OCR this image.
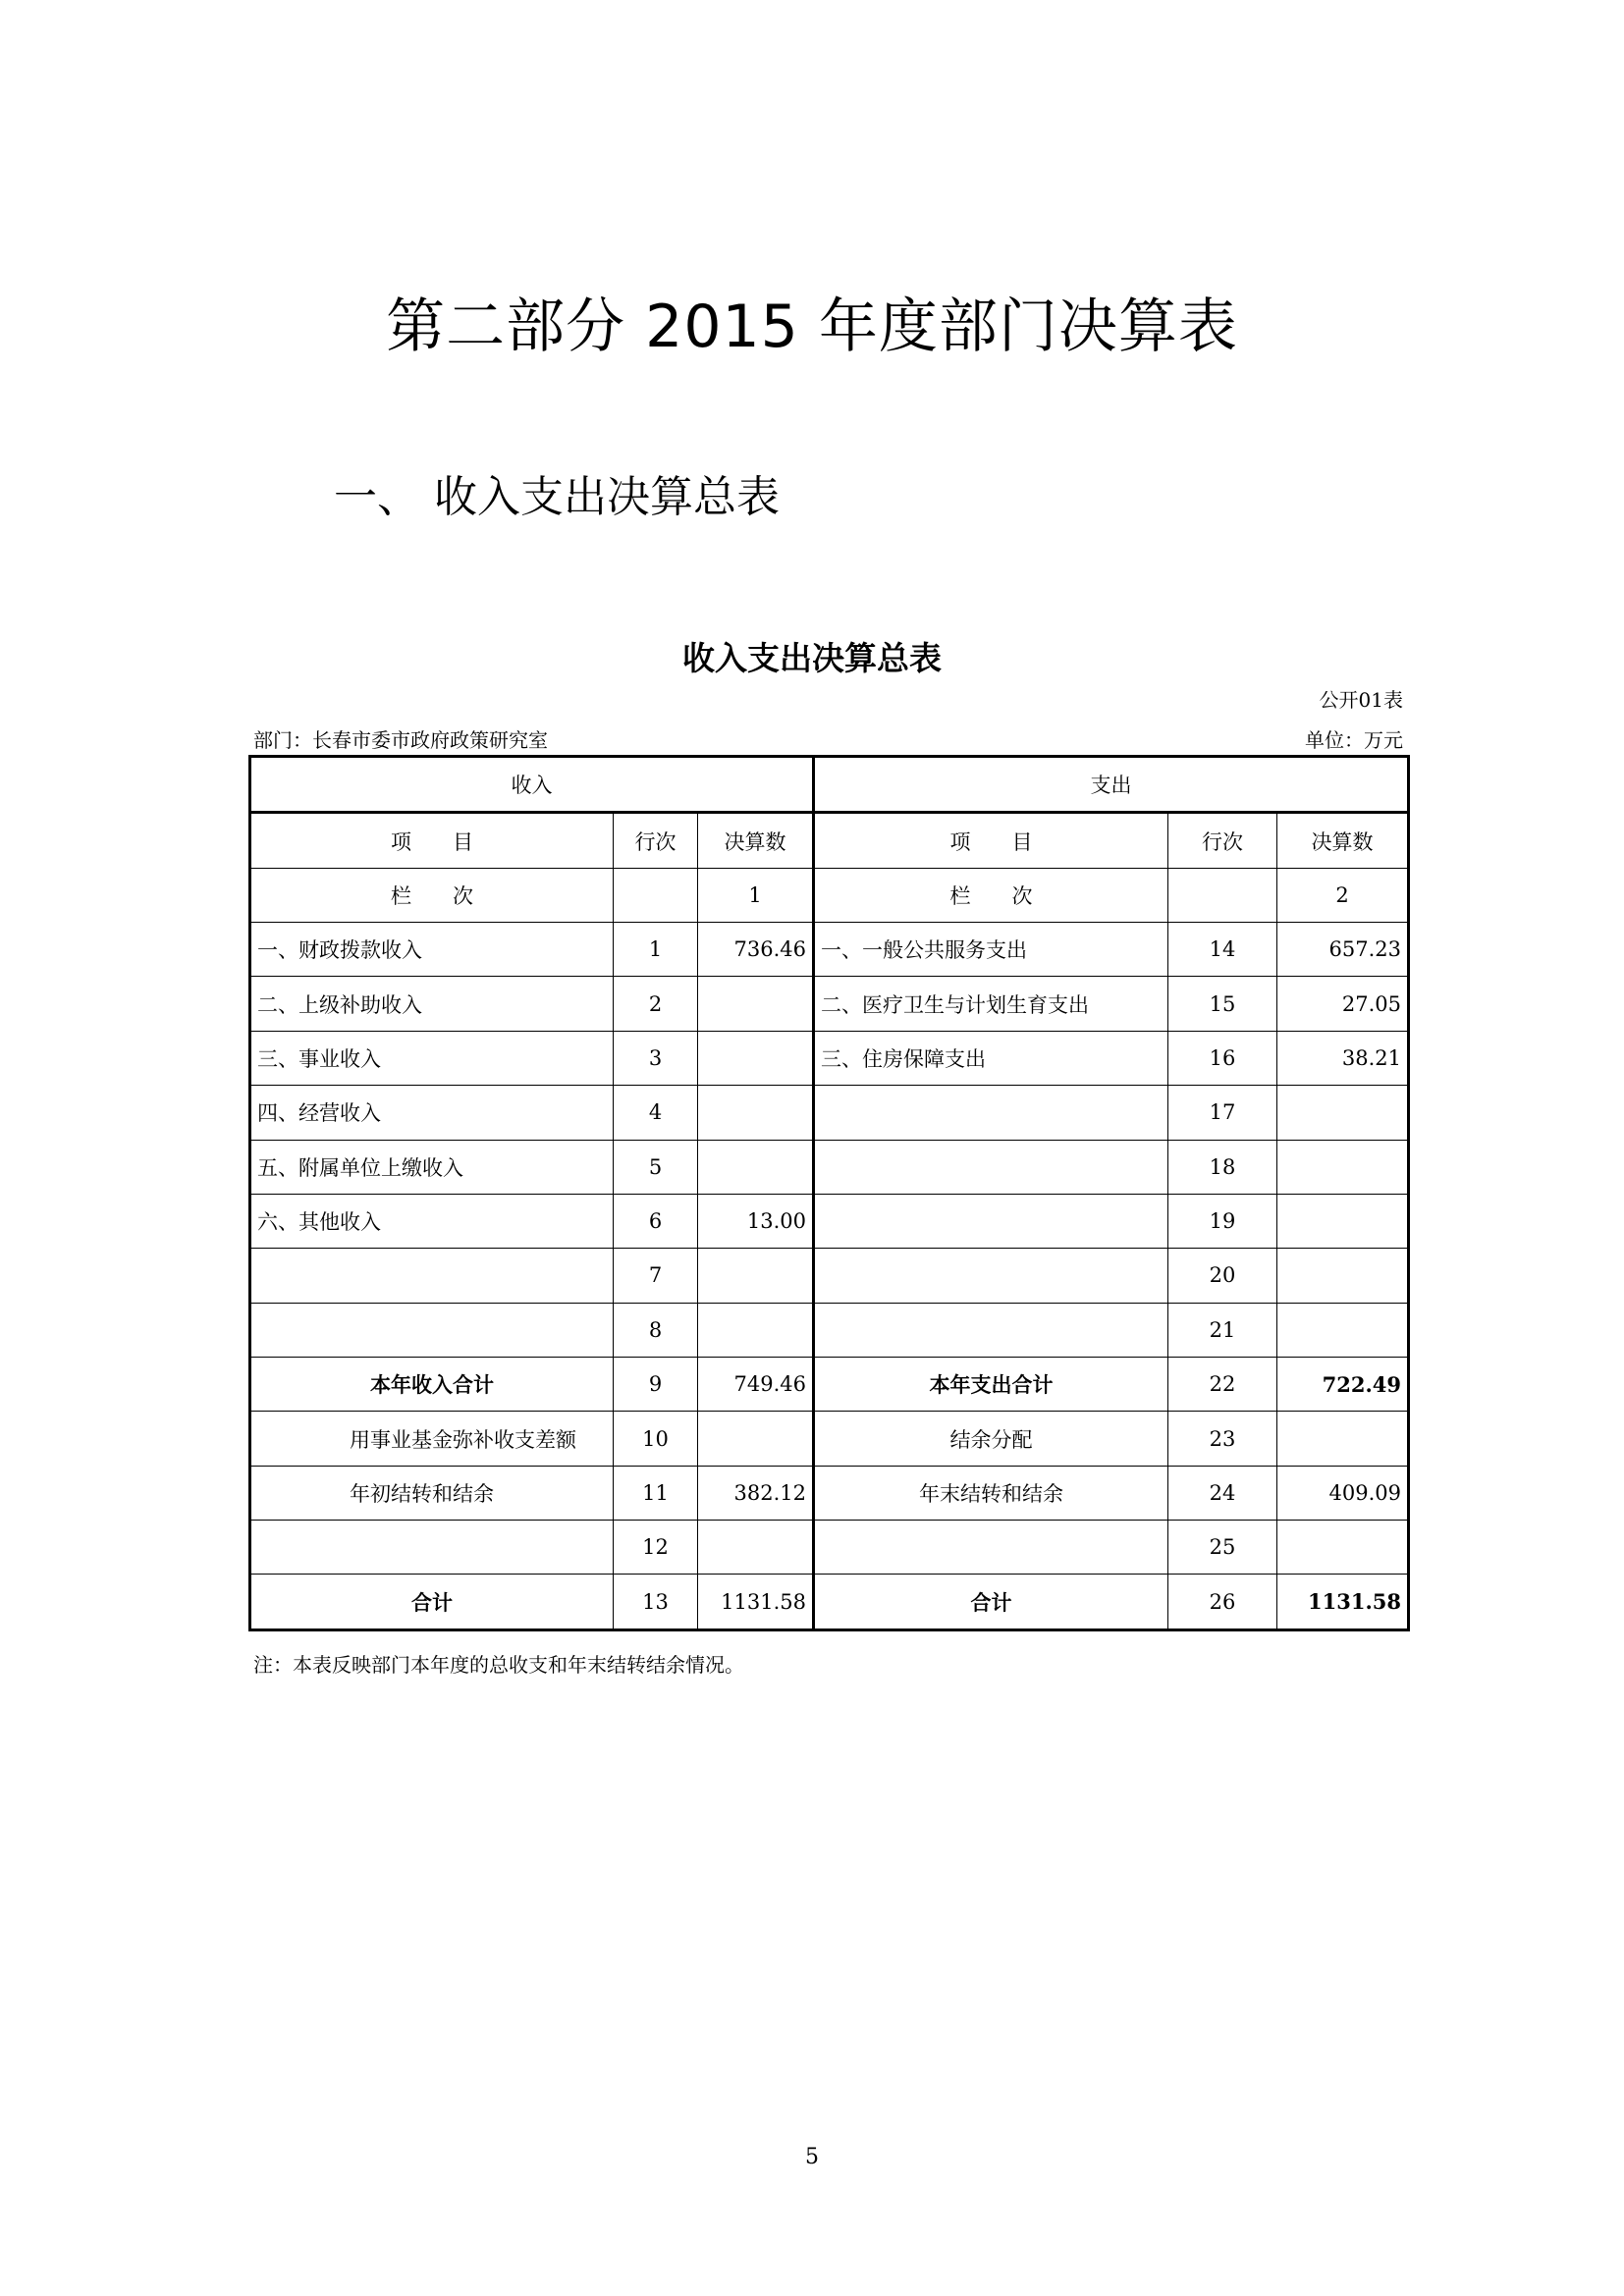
第二部分 2015 年度部门决算表
一、 收入支出决算总表
收入支出决算总表
公开01表
部门：长春市委市政府政策研究室	单位：万元
收入			支出		
项　　目	行次	决算数	项　　目	行次	决算数
栏　　次		1	栏　　次		2
一、财政拨款收入	1	736.46	一、一般公共服务支出	14	657.23
二、上级补助收入	2		二、医疗卫生与计划生育支出	15	27.05
三、事业收入	3		三、住房保障支出	16	38.21
四、经营收入	4			17	
五、附属单位上缴收入	5			18	
六、其他收入	6	13.00		19	
	7			20	
	8			21	
本年收入合计	9	749.46	本年支出合计	22	722.49
用事业基金弥补收支差额	10		结余分配	23	
年初结转和结余	11	382.12	年末结转和结余	24	409.09
	12			25	
合计	13	1131.58	合计	26	1131.58
注：本表反映部门本年度的总收支和年末结转结余情况。
5
